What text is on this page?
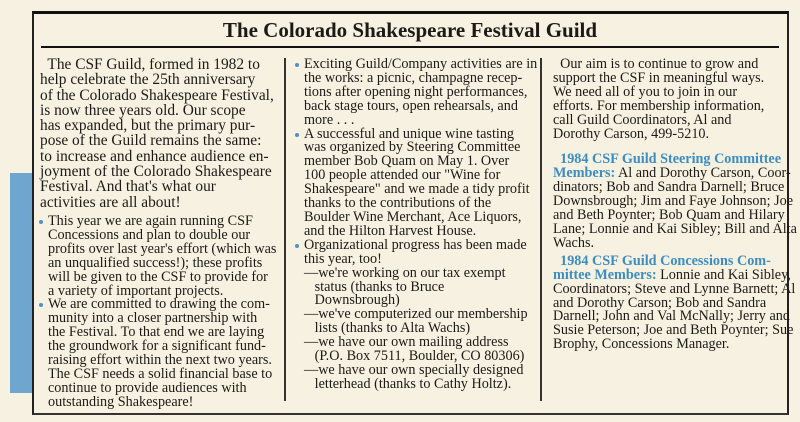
The Colorado Shakespeare Festival Guild
The CSF Guild, formed in 1982 to
help celebrate the 25th anniversary
of the Colorado Shakespeare Festival,
is now three years old. Our scope
has expanded, but the primary pur-
pose of the Guild remains the same:
to increase and enhance audience en-
joyment of the Colorado Shakespeare
Festival. And that's what our
activities are all about!
This year we are again running CSF
Concessions and plan to double our
profits over last year's effort (which was
an unqualified success!); these profits
will be given to the CSF to provide for
a variety of important projects.
We are committed to drawing the com-
munity into a closer partnership with
the Festival. To that end we are laying
the groundwork for a significant fund-
raising effort within the next two years.
The CSF needs a solid financial base to
continue to provide audiences with
outstanding Shakespeare!
Exciting Guild/Company activities are in
the works: a picnic, champagne recep-
tions after opening night performances,
back stage tours, open rehearsals, and
more . . .
A successful and unique wine tasting
was organized by Steering Committee
member Bob Quam on May 1. Over
100 people attended our "Wine for
Shakespeare" and we made a tidy profit
thanks to the contributions of the
Boulder Wine Merchant, Ace Liquors,
and the Hilton Harvest House.
Organizational progress has been made
this year, too!
—we're working on our tax exempt
status (thanks to Bruce
Downsbrough)
—we've computerized our membership
lists (thanks to Alta Wachs)
—we have our own mailing address
(P.O. Box 7511, Boulder, CO 80306)
—we have our own specially designed
letterhead (thanks to Cathy Holtz).
Our aim is to continue to grow and
support the CSF in meaningful ways.
We need all of you to join in our
efforts. For membership information,
call Guild Coordinators, Al and
Dorothy Carson, 499-5210.
1984 CSF Guild Steering Committee
Members: Al and Dorothy Carson, Coor-
dinators; Bob and Sandra Darnell; Bruce
Downsbrough; Jim and Faye Johnson; Joe
and Beth Poynter; Bob Quam and Hilary
Lane; Lonnie and Kai Sibley; Bill and Alta
Wachs.
1984 CSF Guild Concessions Com-
mittee Members: Lonnie and Kai Sibley,
Coordinators; Steve and Lynne Barnett; Al
and Dorothy Carson; Bob and Sandra
Darnell; John and Val McNally; Jerry and
Susie Peterson; Joe and Beth Poynter; Sue
Brophy, Concessions Manager.
